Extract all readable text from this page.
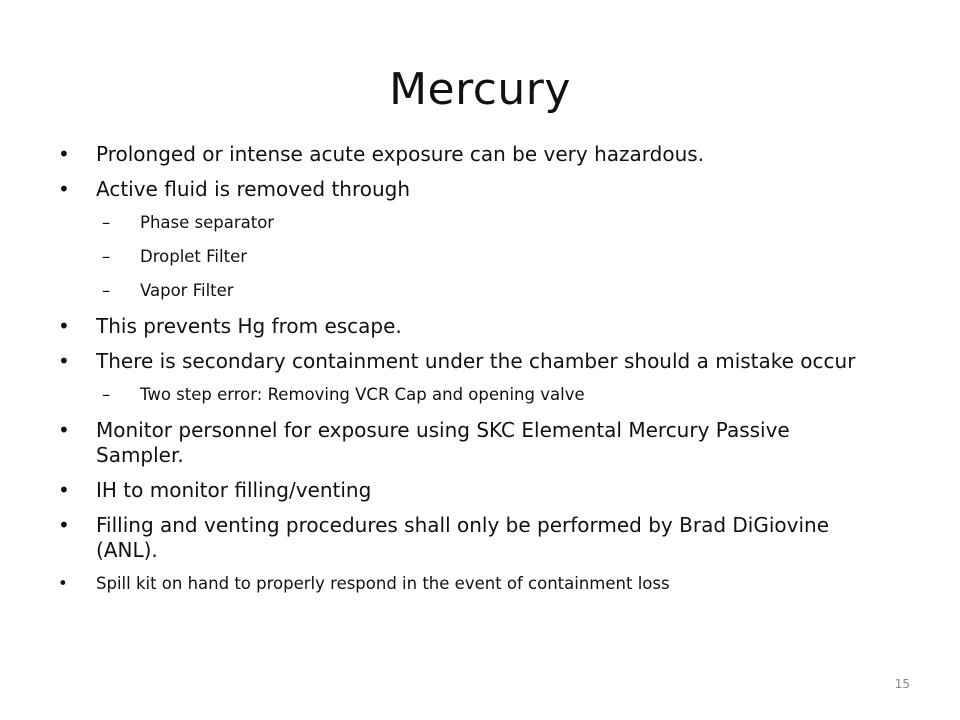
Mercury
•	Prolonged or intense acute exposure can be very hazardous.
•	Active fluid is removed through
– Phase separator
– Droplet Filter
– Vapor Filter
•	This prevents Hg from escape.
•	There is secondary containment under the chamber should a mistake occur
– Two step error: Removing VCR Cap and opening valve
•	Monitor personnel for exposure using SKC Elemental Mercury Passive Sampler.
•	IH to monitor filling/venting
•	Filling and venting procedures shall only be performed by Brad DiGiovine (ANL).
•	Spill kit on hand to properly respond in the event of containment loss
15
